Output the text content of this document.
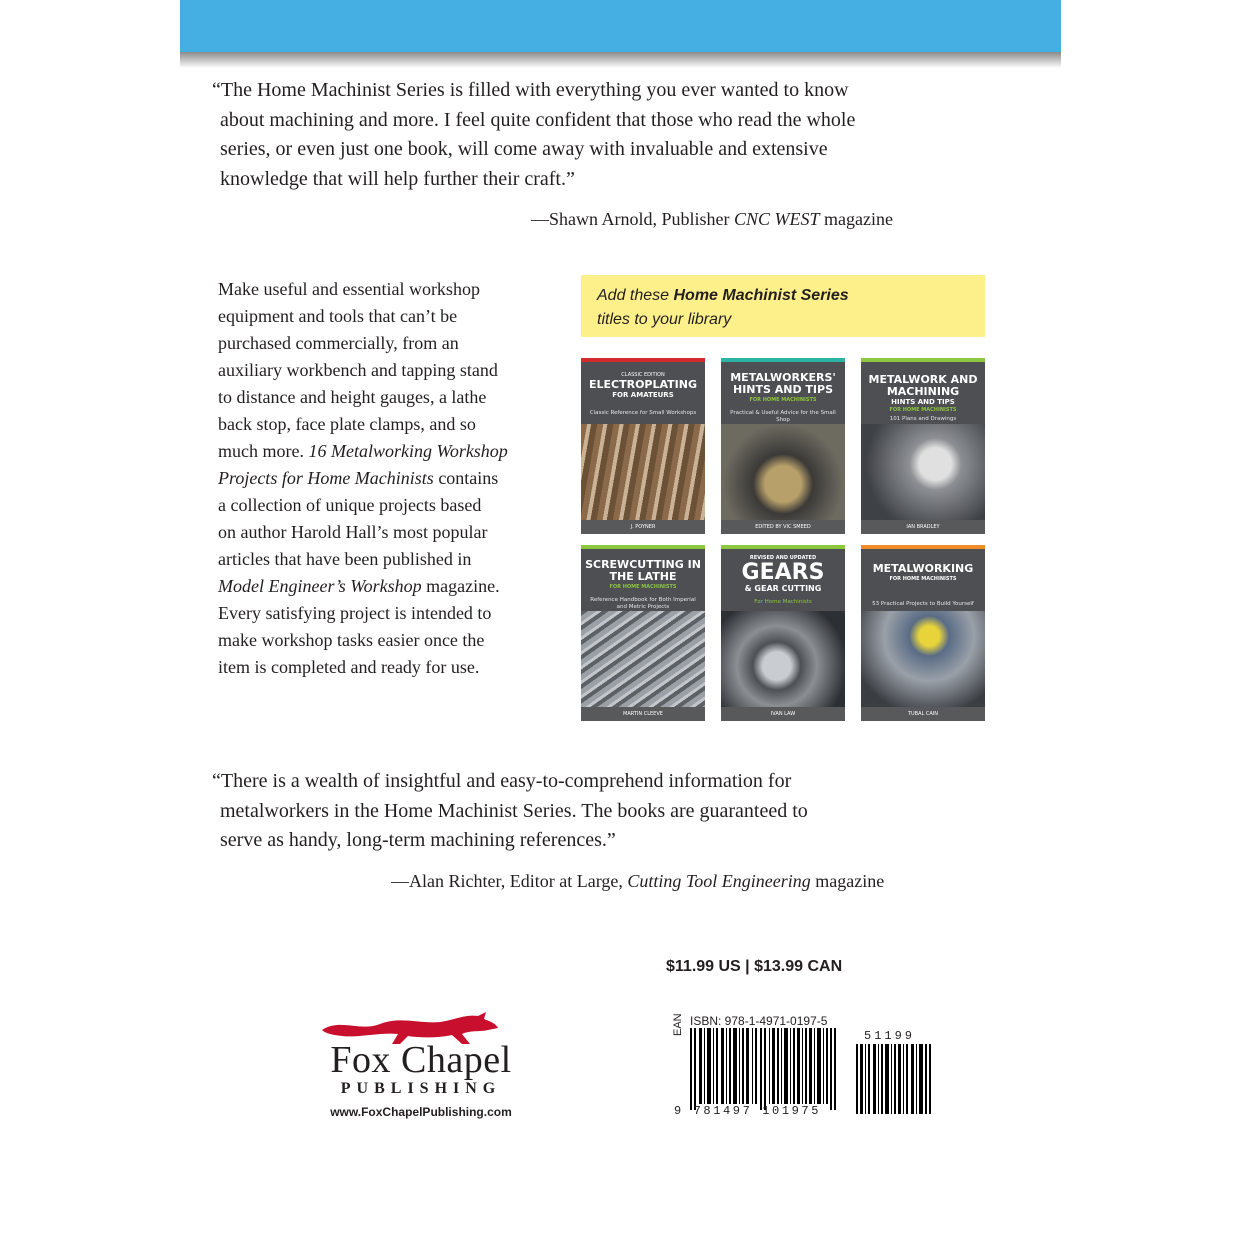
“The Home Machinist Series is filled with everything you ever wanted to know
about machining and more. I feel quite confident that those who read the whole
series, or even just one book, will come away with invaluable and extensive
knowledge that will help further their craft.”
—Shawn Arnold, Publisher CNC WEST magazine
Make useful and essential workshop
equipment and tools that can’t be
purchased commercially, from an
auxiliary workbench and tapping stand
to distance and height gauges, a lathe
back stop, face plate clamps, and so
much more. 16 Metalworking Workshop
Projects for Home Machinists contains
a collection of unique projects based
on author Harold Hall’s most popular
articles that have been published in
Model Engineer’s Workshop magazine.
Every satisfying project is intended to
make workshop tasks easier once the
item is completed and ready for use.
Add these Home Machinist Series
titles to your library
CLASSIC EDITION
ELECTROPLATING
FOR AMATEURS
Classic Reference for Small Workshops
J. POYNER
METALWORKERS' HINTS AND TIPS
FOR HOME MACHINISTS
Practical & Useful Advice for the Small Shop
EDITED BY VIC SMEED
METALWORK AND MACHINING
HINTS AND TIPS
FOR HOME MACHINISTS
101 Plans and Drawings
IAN BRADLEY
SCREWCUTTING IN THE LATHE
FOR HOME MACHINISTS
Reference Handbook for Both Imperial and Metric Projects
MARTIN CLEEVE
REVISED AND UPDATED
GEARS
& GEAR CUTTING
For Home Machinists
IVAN LAW
METALWORKING
FOR HOME MACHINISTS
53 Practical Projects to Build Yourself
TUBAL CAIN
“There is a wealth of insightful and easy-to-comprehend information for
metalworkers in the Home Machinist Series. The books are guaranteed to
serve as handy, long-term machining references.”
—Alan Richter, Editor at Large, Cutting Tool Engineering magazine
$11.99 US | $13.99 CAN
Fox Chapel
PUBLISHING
www.FoxChapelPublishing.com
ISBN: 978-1-4971-0197-5
EAN
9 781497 101975
51199
